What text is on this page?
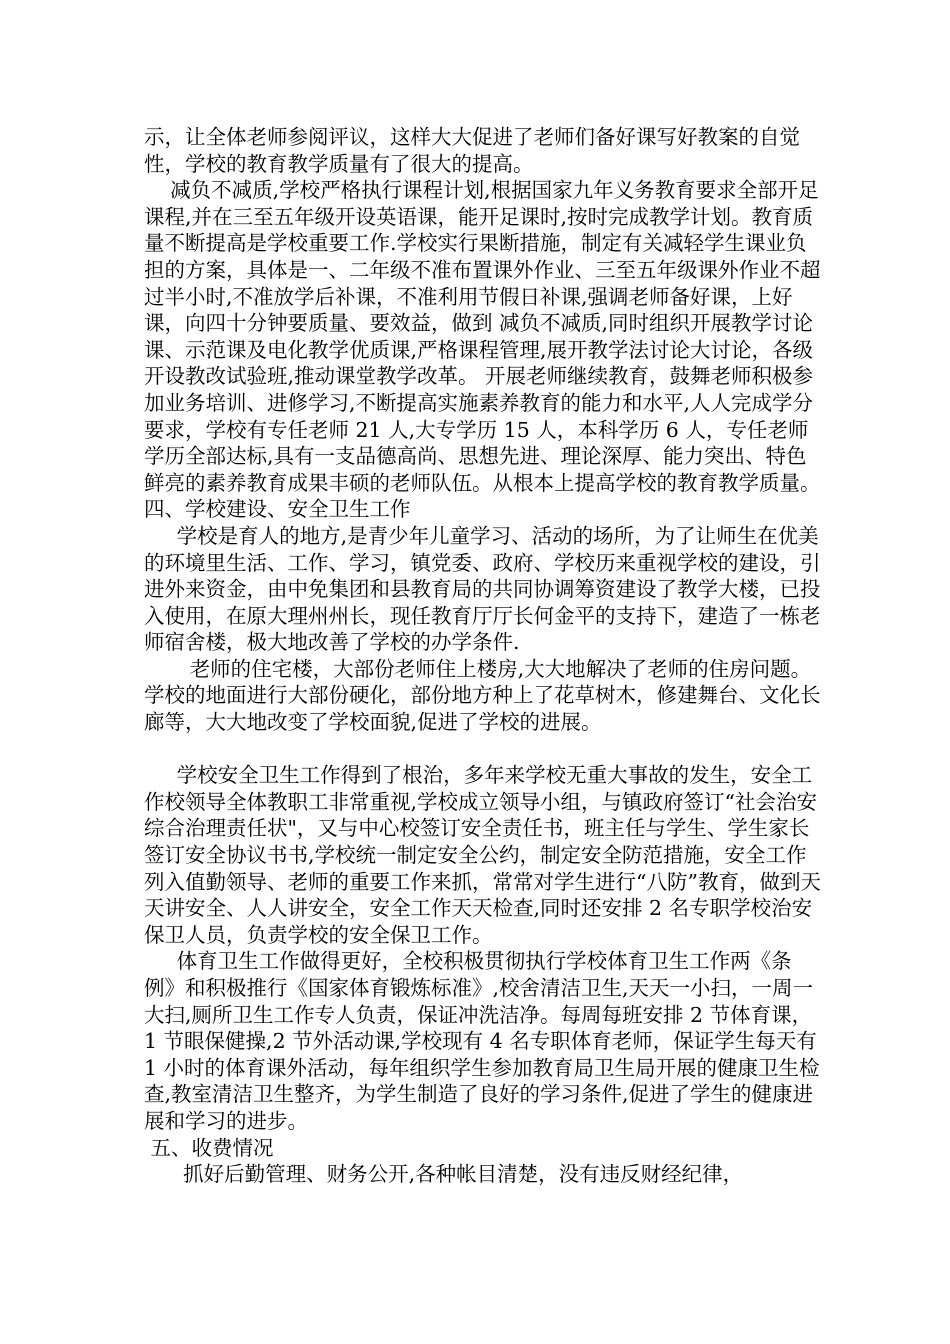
示，让全体老师参阅评议，这样大大促进了老师们备好课写好教案的自觉性，学校的教育教学质量有了很大的提高。

减负不减质,学校严格执行课程计划,根据国家九年义务教育要求全部开足课程,并在三至五年级开设英语课，能开足课时,按时完成教学计划。教育质量不断提高是学校重要工作.学校实行果断措施，制定有关减轻学生课业负担的方案，具体是一、二年级不准布置课外作业、三至五年级课外作业不超过半小时,不准放学后补课，不准利用节假日补课,强调老师备好课，上好课，向四十分钟要质量、要效益，做到 减负不减质,同时组织开展教学讨论课、示范课及电化教学优质课,严格课程管理,展开教学法讨论大讨论，各级开设教改试验班,推动课堂教学改革。 开展老师继续教育，鼓舞老师积极参加业务培训、进修学习,不断提高实施素养教育的能力和水平,人人完成学分要求，学校有专任老师 21 人,大专学历 15 人，本科学历 6 人，专任老师学历全部达标,具有一支品德高尚、思想先进、理论深厚、能力突出、特色鲜亮的素养教育成果丰硕的老师队伍。从根本上提高学校的教育教学质量。

四、学校建设、安全卫生工作

学校是育人的地方,是青少年儿童学习、活动的场所，为了让师生在优美的环境里生活、工作、学习，镇党委、政府、学校历来重视学校的建设，引进外来资金，由中免集团和县教育局的共同协调筹资建设了教学大楼，已投入使用，在原大理州州长，现任教育厅厅长何金平的支持下，建造了一栋老师宿舍楼，极大地改善了学校的办学条件.

老师的住宅楼，大部份老师住上楼房,大大地解决了老师的住房问题。学校的地面进行大部份硬化，部份地方种上了花草树木，修建舞台、文化长廊等，大大地改变了学校面貌,促进了学校的进展。

学校安全卫生工作得到了根治，多年来学校无重大事故的发生，安全工作校领导全体教职工非常重视,学校成立领导小组，与镇政府签订“社会治安综合治理责任状"，又与中心校签订安全责任书，班主任与学生、学生家长签订安全协议书书,学校统一制定安全公约，制定安全防范措施，安全工作列入值勤领导、老师的重要工作来抓，常常对学生进行“八防”教育，做到天天讲安全、人人讲安全，安全工作天天检查,同时还安排 2 名专职学校治安保卫人员，负责学校的安全保卫工作。

体育卫生工作做得更好，全校积极贯彻执行学校体育卫生工作两《条例》和积极推行《国家体育锻炼标准》,校舍清洁卫生,天天一小扫，一周一大扫,厕所卫生工作专人负责，保证冲洗洁净。每周每班安排 2 节体育课，1 节眼保健操,2 节外活动课,学校现有 4 名专职体育老师，保证学生每天有 1 小时的体育课外活动，每年组织学生参加教育局卫生局开展的健康卫生检查,教室清洁卫生整齐，为学生制造了良好的学习条件,促进了学生的健康进展和学习的进步。

五、收费情况

抓好后勤管理、财务公开,各种帐目清楚，没有违反财经纪律，
